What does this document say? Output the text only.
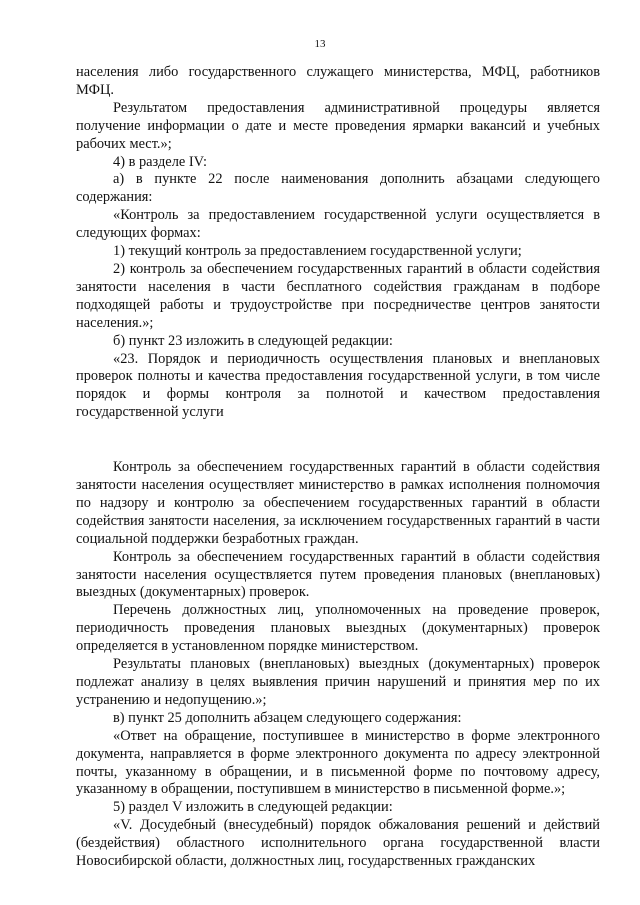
13

населения либо государственного служащего министерства, МФЦ, работников МФЦ.

Результатом предоставления административной процедуры является получение информации о дате и месте проведения ярмарки вакансий и учебных рабочих мест.»;

4) в разделе IV:

а) в пункте 22 после наименования дополнить абзацами следующего содержания:

«Контроль за предоставлением государственной услуги осуществляется в следующих формах:

1) текущий контроль за предоставлением государственной услуги;

2) контроль за обеспечением государственных гарантий в области содействия занятости населения в части бесплатного содействия гражданам в подборе подходящей работы и трудоустройстве при посредничестве центров занятости населения.»;

б) пункт 23 изложить в следующей редакции:

«23. Порядок и периодичность осуществления плановых и внеплановых проверок полноты и качества предоставления государственной услуги, в том числе порядок и формы контроля за полнотой и качеством предоставления государственной услуги

Контроль за обеспечением государственных гарантий в области содействия занятости населения осуществляет министерство в рамках исполнения полномочия по надзору и контролю за обеспечением государственных гарантий в области содействия занятости населения, за исключением государственных гарантий в части социальной поддержки безработных граждан.

Контроль за обеспечением государственных гарантий в области содействия занятости населения осуществляется путем проведения плановых (внеплановых) выездных (документарных) проверок.

Перечень должностных лиц, уполномоченных на проведение проверок, периодичность проведения плановых выездных (документарных) проверок определяется в установленном порядке министерством.

Результаты плановых (внеплановых) выездных (документарных) проверок подлежат анализу в целях выявления причин нарушений и принятия мер по их устранению и недопущению.»;

в) пункт 25 дополнить абзацем следующего содержания:

«Ответ на обращение, поступившее в министерство в форме электронного документа, направляется в форме электронного документа по адресу электронной почты, указанному в обращении, и в письменной форме по почтовому адресу, указанному в обращении, поступившем в министерство в письменной форме.»;

5) раздел V изложить в следующей редакции:

«V. Досудебный (внесудебный) порядок обжалования решений и действий (бездействия) областного исполнительного органа государственной власти Новосибирской области, должностных лиц, государственных гражданских
